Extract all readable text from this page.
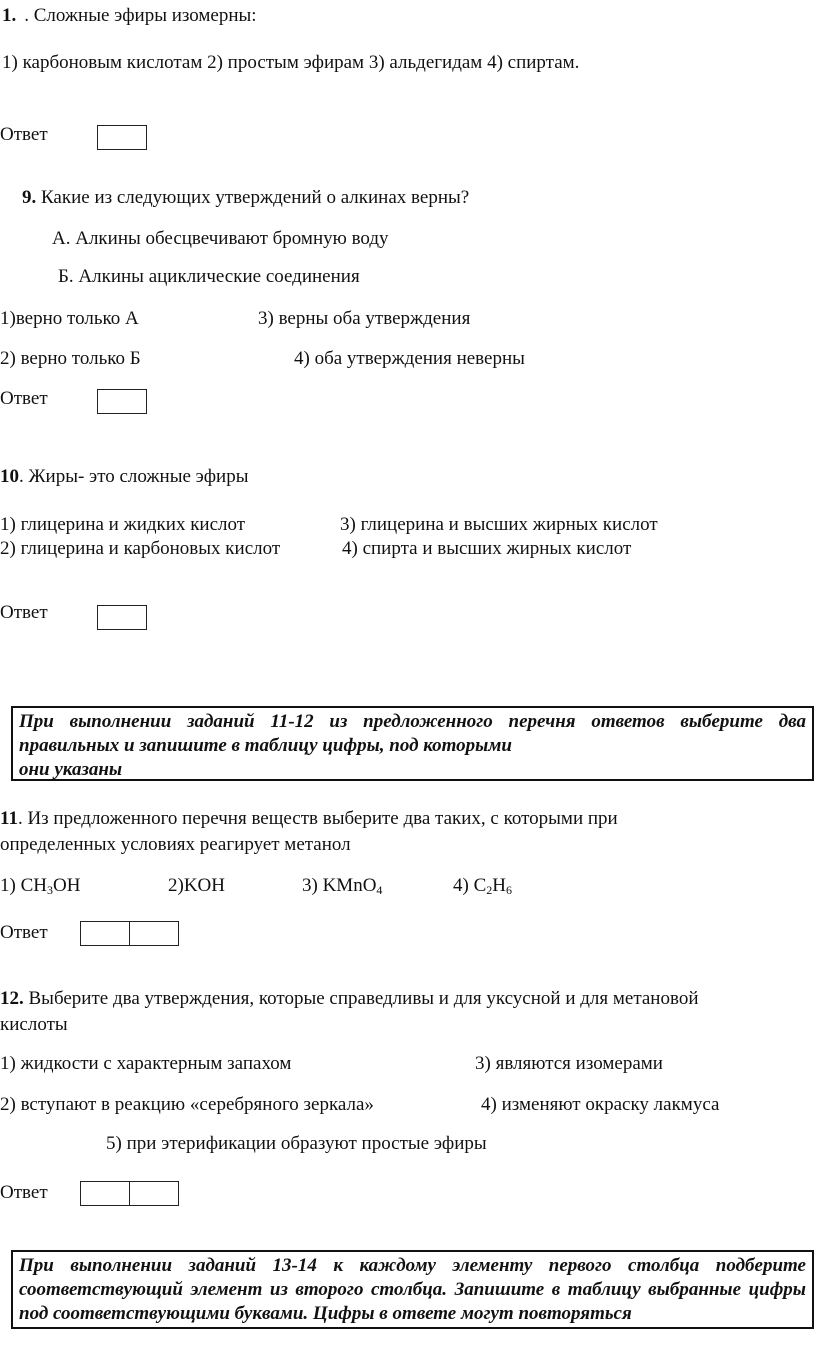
1. . Сложные эфиры изомерны:
1) карбоновым кислотам 2) простым эфирам 3) альдегидам 4) спиртам.
Ответ
9. Какие из следующих утверждений о алкинах верны?
А. Алкины обесцвечивают бромную воду
Б. Алкины ациклические соединения
1)верно только А	3) верны оба утверждения
2) верно только Б	4) оба утверждения неверны
Ответ
10. Жиры- это сложные эфиры
1) глицерина и жидких кислот	3) глицерина и высших жирных кислот
2) глицерина и карбоновых кислот	4) спирта и высших жирных кислот
Ответ
При выполнении заданий 11-12 из предложенного перечня ответов выберите два правильных и запишите в таблицу цифры, под которыми
они указаны
11. Из предложенного перечня веществ выберите два таких, с которыми при
определенных условиях реагирует метанол
1) $CH_3OH$	2)KOH	3) KMnO$_4$	4) $C_2H_6$
Ответ
12. Выберите два утверждения, которые справедливы и для уксусной и для метановой
кислоты
1) жидкости с характерным запахом	3) являются изомерами
2) вступают в реакцию «серебряного зеркала»	4) изменяют окраску лакмуса
5) при этерификации образуют простые эфиры
Ответ
При выполнении заданий 13-14 к каждому элементу первого столбца подберите соответствующий элемент из второго столбца. Запишите в таблицу выбранные цифры под соответствующими буквами. Цифры в ответе могут повторяться
